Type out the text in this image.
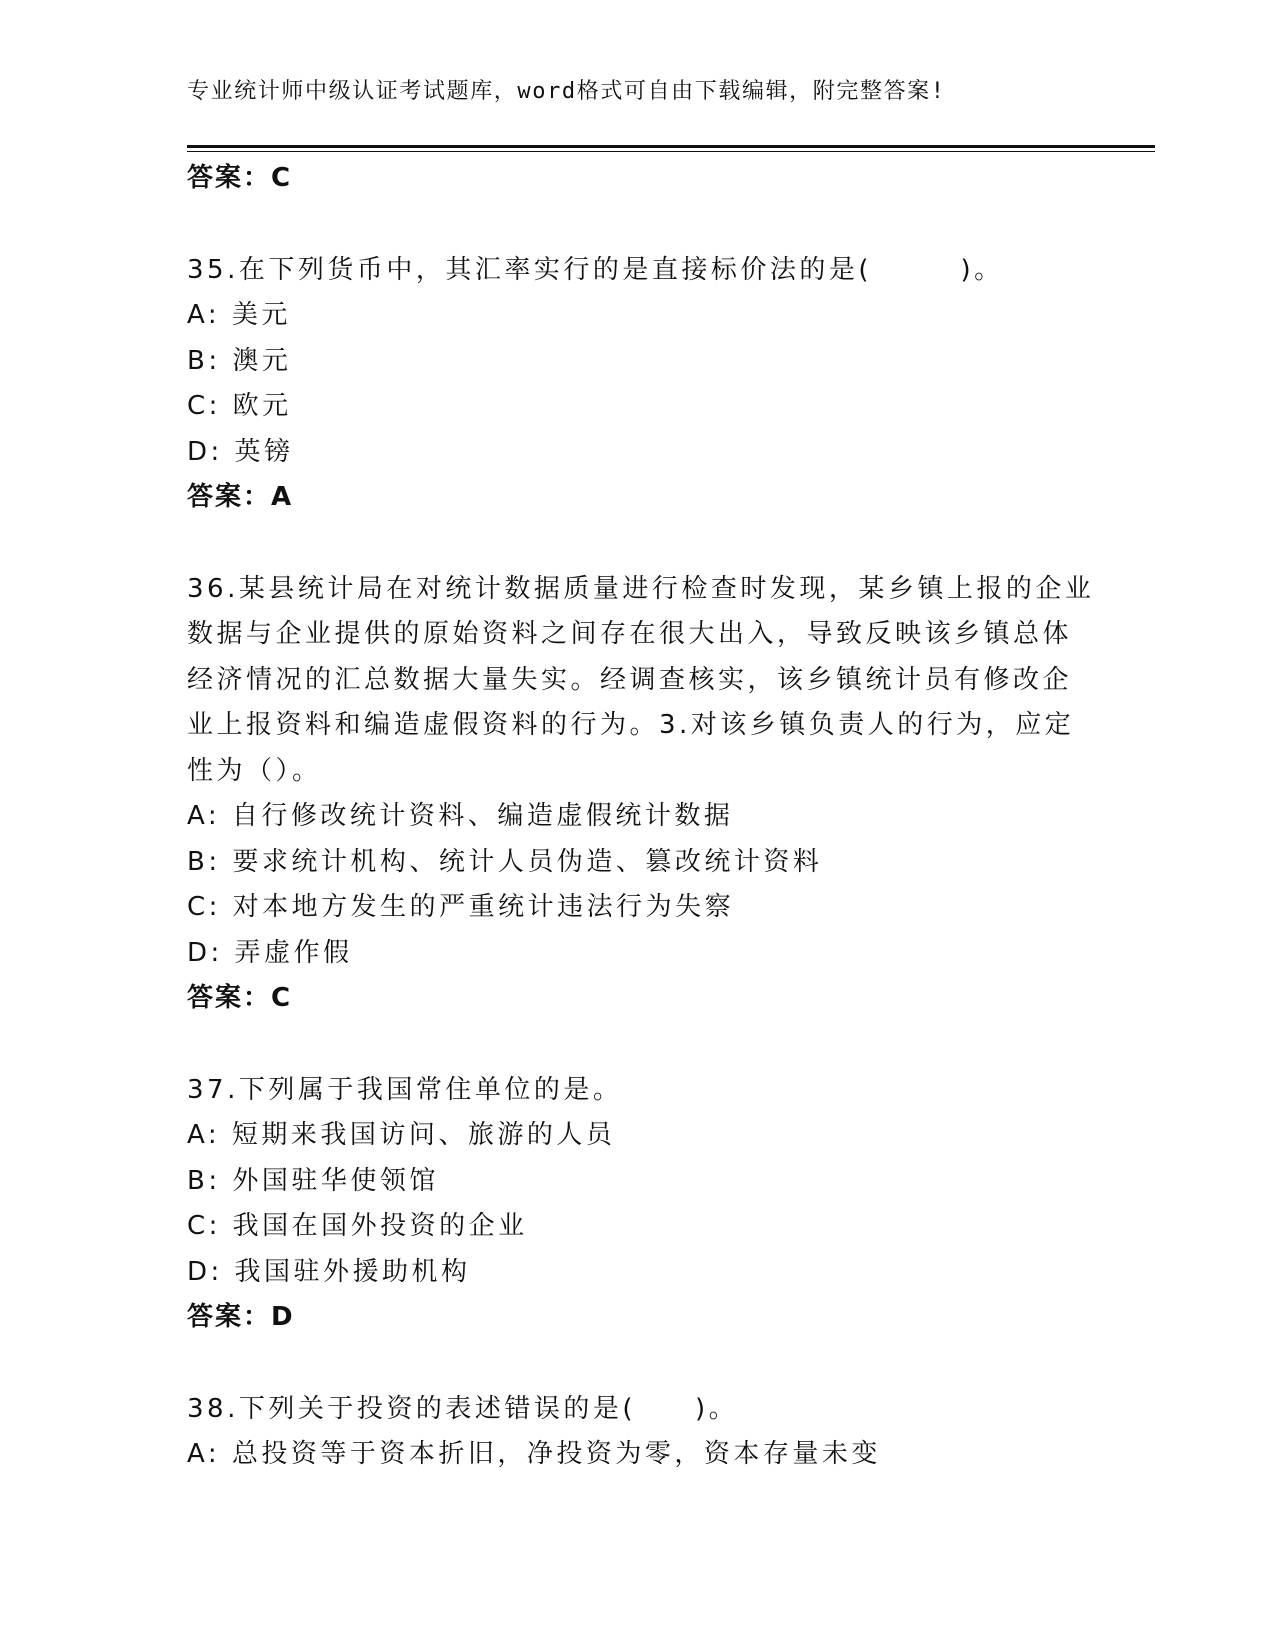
专业统计师中级认证考试题库，word格式可自由下载编辑，附完整答案!
答案：C
35.在下列货币中，其汇率实行的是直接标价法的是(　　　)。
A: 美元
B: 澳元
C: 欧元
D: 英镑
答案：A
36.某县统计局在对统计数据质量进行检查时发现，某乡镇上报的企业
数据与企业提供的原始资料之间存在很大出入，导致反映该乡镇总体
经济情况的汇总数据大量失实。经调查核实，该乡镇统计员有修改企
业上报资料和编造虚假资料的行为。3.对该乡镇负责人的行为，应定
性为（）。
A: 自行修改统计资料、编造虚假统计数据
B: 要求统计机构、统计人员伪造、篡改统计资料
C: 对本地方发生的严重统计违法行为失察
D: 弄虚作假
答案：C
37.下列属于我国常住单位的是。
A: 短期来我国访问、旅游的人员
B: 外国驻华使领馆
C: 我国在国外投资的企业
D: 我国驻外援助机构
答案：D
38.下列关于投资的表述错误的是(　　)。
A: 总投资等于资本折旧，净投资为零，资本存量未变
